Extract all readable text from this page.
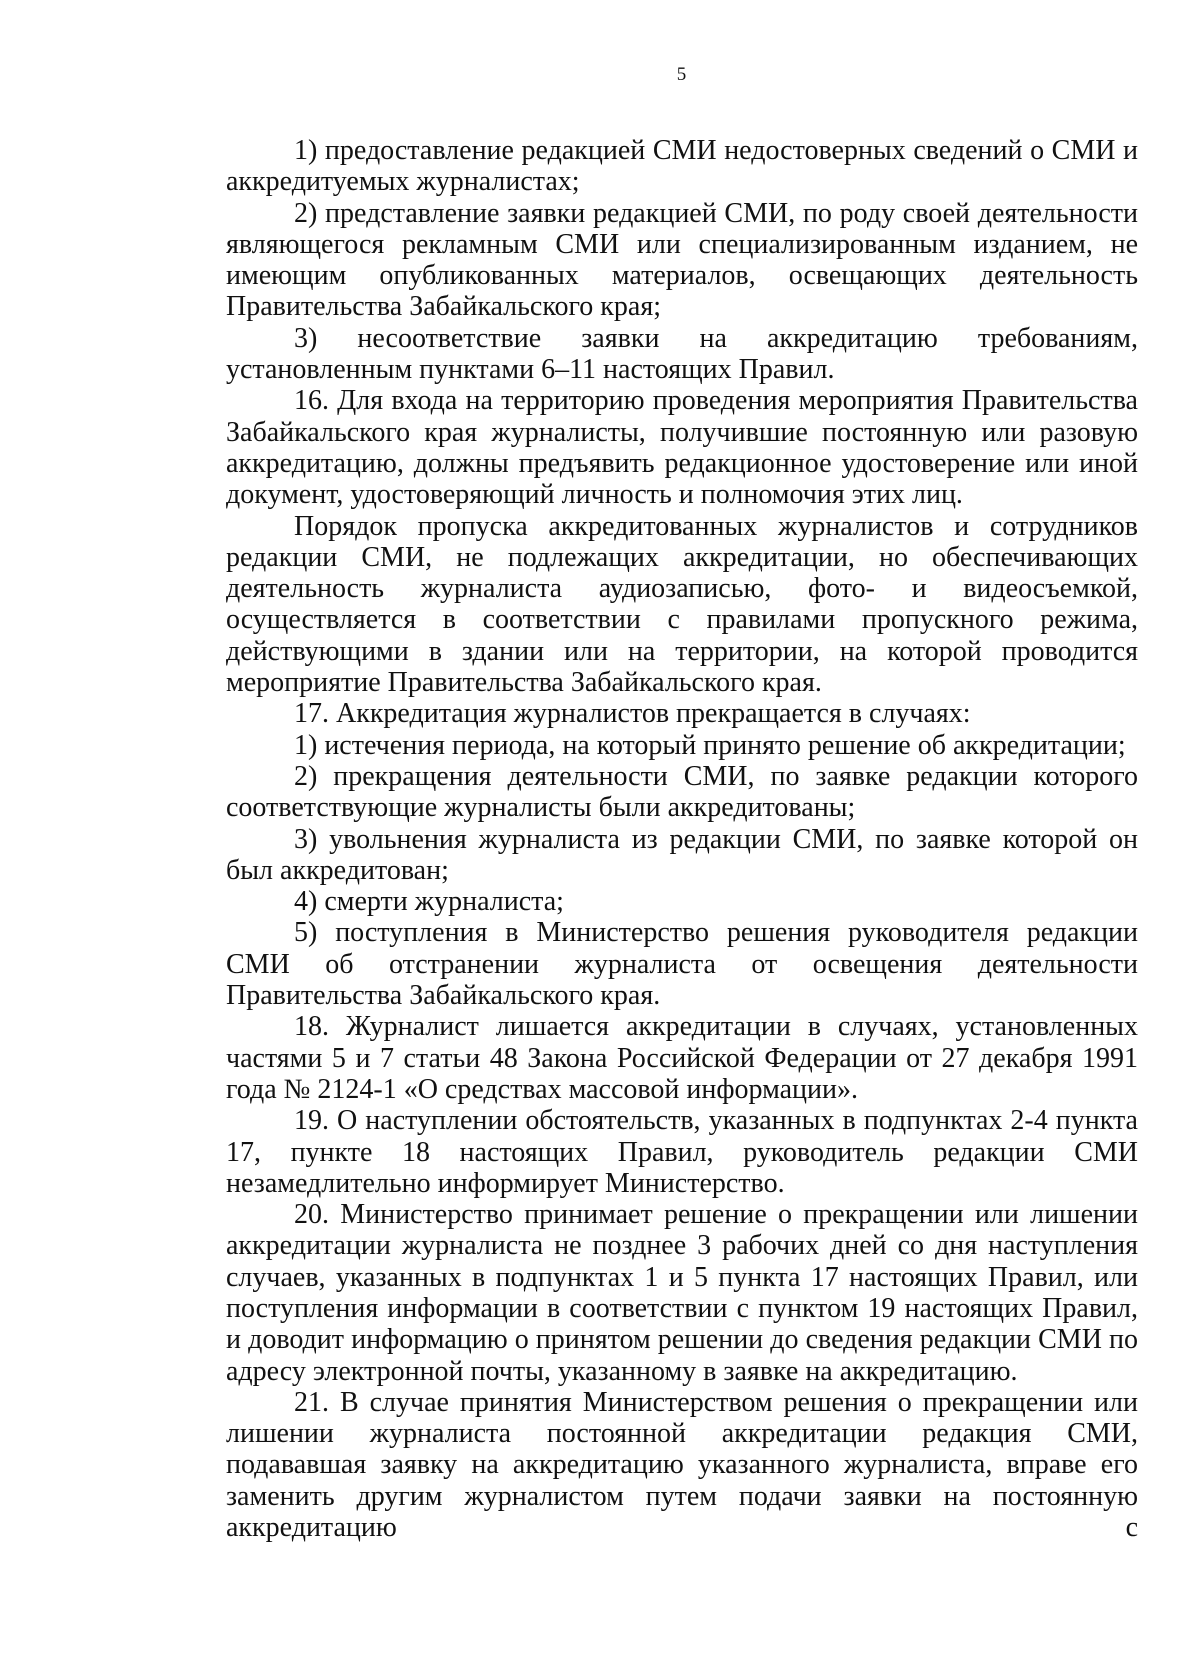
5

1) предоставление редакцией СМИ недостоверных сведений о СМИ и аккредитуемых журналистах;

2) представление заявки редакцией СМИ, по роду своей деятельности являющегося рекламным СМИ или специализированным изданием, не имеющим опубликованных материалов, освещающих деятельность Правительства Забайкальского края;

3) несоответствие заявки на аккредитацию требованиям, установленным пунктами 6–11 настоящих Правил.

16. Для входа на территорию проведения мероприятия Правительства Забайкальского края журналисты, получившие постоянную или разовую аккредитацию, должны предъявить редакционное удостоверение или иной документ, удостоверяющий личность и полномочия этих лиц.

Порядок пропуска аккредитованных журналистов и сотрудников редакции СМИ, не подлежащих аккредитации, но обеспечивающих деятельность журналиста аудиозаписью, фото- и видеосъемкой, осуществляется в соответствии с правилами пропускного режима, действующими в здании или на территории, на которой проводится мероприятие Правительства Забайкальского края.

17. Аккредитация журналистов прекращается в случаях:

1) истечения периода, на который принято решение об аккредитации;

2) прекращения деятельности СМИ, по заявке редакции которого соответствующие журналисты были аккредитованы;

3) увольнения журналиста из редакции СМИ, по заявке которой он был аккредитован;

4) смерти журналиста;

5) поступления в Министерство решения руководителя редакции СМИ об отстранении журналиста от освещения деятельности Правительства Забайкальского края.

18. Журналист лишается аккредитации в случаях, установленных частями 5 и 7 статьи 48 Закона Российской Федерации от 27 декабря 1991 года № 2124-1 «О средствах массовой информации».

19. О наступлении обстоятельств, указанных в подпунктах 2-4 пункта 17, пункте 18 настоящих Правил, руководитель редакции СМИ незамедлительно информирует Министерство.

20. Министерство принимает решение о прекращении или лишении аккредитации журналиста не позднее 3 рабочих дней со дня наступления случаев, указанных в подпунктах 1 и 5 пункта 17 настоящих Правил, или поступления информации в соответствии с пунктом 19 настоящих Правил, и доводит информацию о принятом решении до сведения редакции СМИ по адресу электронной почты, указанному в заявке на аккредитацию.

21. В случае принятия Министерством решения о прекращении или лишении журналиста постоянной аккредитации редакция СМИ, подававшая заявку на аккредитацию указанного журналиста, вправе его заменить другим журналистом путем подачи заявки на постоянную аккредитацию с
